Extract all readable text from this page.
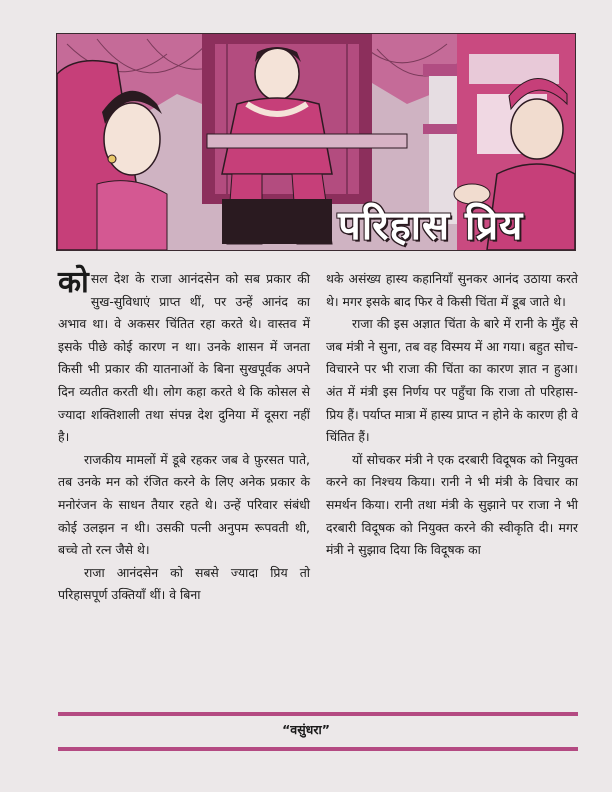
परिहास प्रिय

कोसल देश के राजा आनंदसेन को सब प्रकार की सुख-सुविधाएं प्राप्त थीं, पर उन्हें आनंद का अभाव था। वे अकसर चिंतित रहा करते थे। वास्तव में इसके पीछे कोई कारण न था। उनके शासन में जनता किसी भी प्रकार की यातनाओं के बिना सुखपूर्वक अपने दिन व्यतीत करती थी। लोग कहा करते थे कि कोसल से ज्यादा शक्तिशाली तथा संपन्न देश दुनिया में दूसरा नहीं है।

राजकीय मामलों में डूबे रहकर जब वे फ़ुरसत पाते, तब उनके मन को रंजित करने के लिए अनेक प्रकार के मनोरंजन के साधन तैयार रहते थे। उन्हें परिवार संबंधी कोई उलझन न थी। उसकी पत्नी अनुपम रूपवती थी, बच्चे तो रत्न जैसे थे।

राजा आनंदसेन को सबसे ज्यादा प्रिय तो परिहासपूर्ण उक्तियाँ थीं। वे बिना

थके असंख्य हास्य कहानियाँ सुनकर आनंद उठाया करते थे। मगर इसके बाद फिर वे किसी चिंता में डूब जाते थे।

राजा की इस अज्ञात चिंता के बारे में रानी के मुँह से जब मंत्री ने सुना, तब वह विस्मय में आ गया। बहुत सोच-विचारने पर भी राजा की चिंता का कारण ज्ञात न हुआ। अंत में मंत्री इस निर्णय पर पहुँचा कि राजा तो परिहास-प्रिय हैं। पर्याप्त मात्रा में हास्य प्राप्त न होने के कारण ही वे चिंतित हैं।

यों सोचकर मंत्री ने एक दरबारी विदूषक को नियुक्त करने का निश्चय किया। रानी ने भी मंत्री के विचार का समर्थन किया। रानी तथा मंत्री के सुझाने पर राजा ने भी दरबारी विदूषक को नियुक्त करने की स्वीकृति दी। मगर मंत्री ने सुझाव दिया कि विदूषक का

“वसुंधरा”
